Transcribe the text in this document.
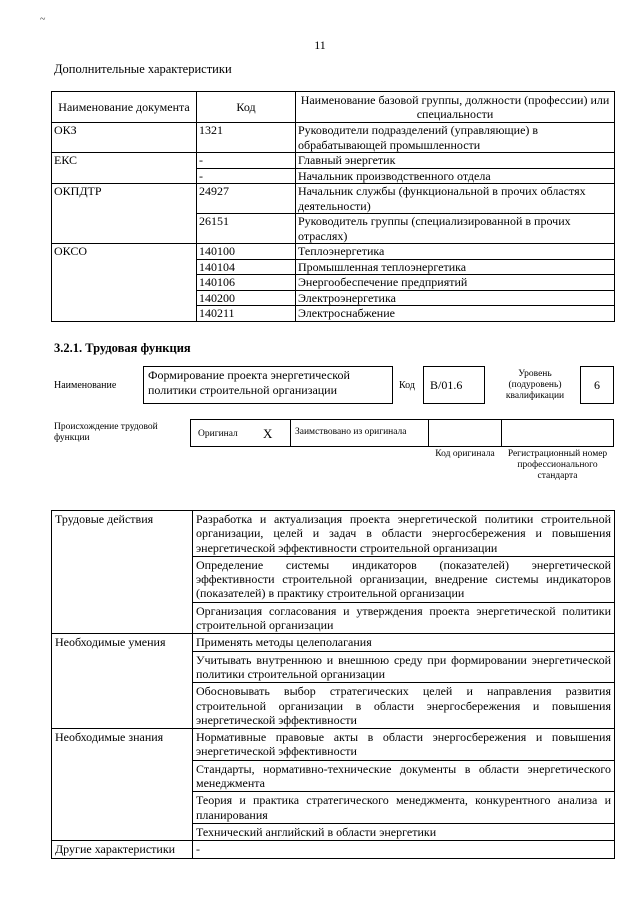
~
11
Дополнительные характеристики
Наименование документа	Код	Наименование базовой группы, должности (профессии) или специальности
ОКЗ	1321	Руководители подразделений (управляющие) в обрабатывающей промышленности
ЕКС	-	Главный энергетик
	-	Начальник производственного отдела
ОКПДТР	24927	Начальник службы (функциональной в прочих областях деятельности)
	26151	Руководитель группы (специализированной в прочих отраслях)
ОКСО	140100	Теплоэнергетика
	140104	Промышленная теплоэнергетика
	140106	Энергообеспечение предприятий
	140200	Электроэнергетика
	140211	Электроснабжение
3.2.1. Трудовая функция
Наименование
Формирование проекта энергетической политики строительной организации	Код	B/01.6
Уровень (подуровень) квалификации
6
Происхождение трудовой функции	Оригинал X	Заимствовано из оригинала
Код оригинала	Регистрационный номер профессионального стандарта
Трудовые действия	Разработка и актуализация проекта энергетической политики строительной организации, целей и задач в области энергосбережения и повышения энергетической эффективности строительной организации
	Определение системы индикаторов (показателей) энергетической эффективности строительной организации, внедрение системы индикаторов (показателей) в практику строительной организации
	Организация согласования и утверждения проекта энергетической политики строительной организации
Необходимые умения	Применять методы целеполагания
	Учитывать внутреннюю и внешнюю среду при формировании энергетической политики строительной организации
	Обосновывать выбор стратегических целей и направления развития строительной организации в области энергосбережения и повышения энергетической эффективности
Необходимые знания	Нормативные правовые акты в области энергосбережения и повышения энергетической эффективности
	Стандарты, нормативно-технические документы в области энергетического менеджмента
	Теория и практика стратегического менеджмента, конкурентного анализа и планирования
	Технический английский в области энергетики
Другие характеристики	-
